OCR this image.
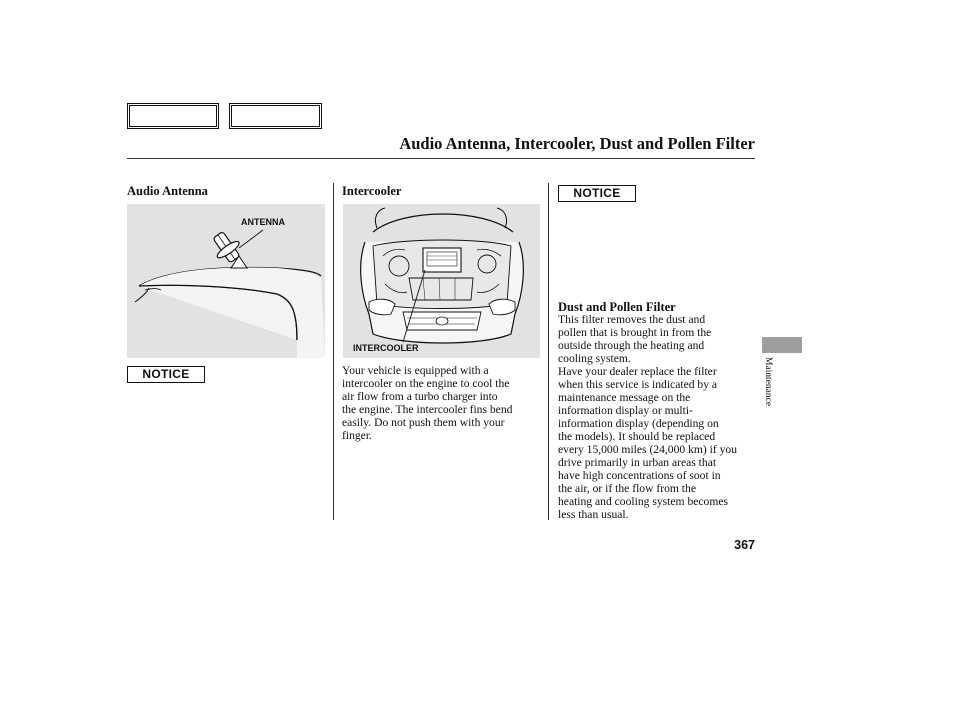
Audio Antenna, Intercooler, Dust and Pollen Filter
Audio Antenna
ANTENNA
NOTICE
Intercooler
INTERCOOLER
Your vehicle is equipped with a
intercooler on the engine to cool the
air flow from a turbo charger into
the engine. The intercooler fins bend
easily. Do not push them with your
finger.
NOTICE
Dust and Pollen Filter
This filter removes the dust and
pollen that is brought in from the
outside through the heating and
cooling system.
Have your dealer replace the filter
when this service is indicated by a
maintenance message on the
information display or multi-
information display (depending on
the models). It should be replaced
every 15,000 miles (24,000 km) if you
drive primarily in urban areas that
have high concentrations of soot in
the air, or if the flow from the
heating and cooling system becomes
less than usual.
Maintenance
367
